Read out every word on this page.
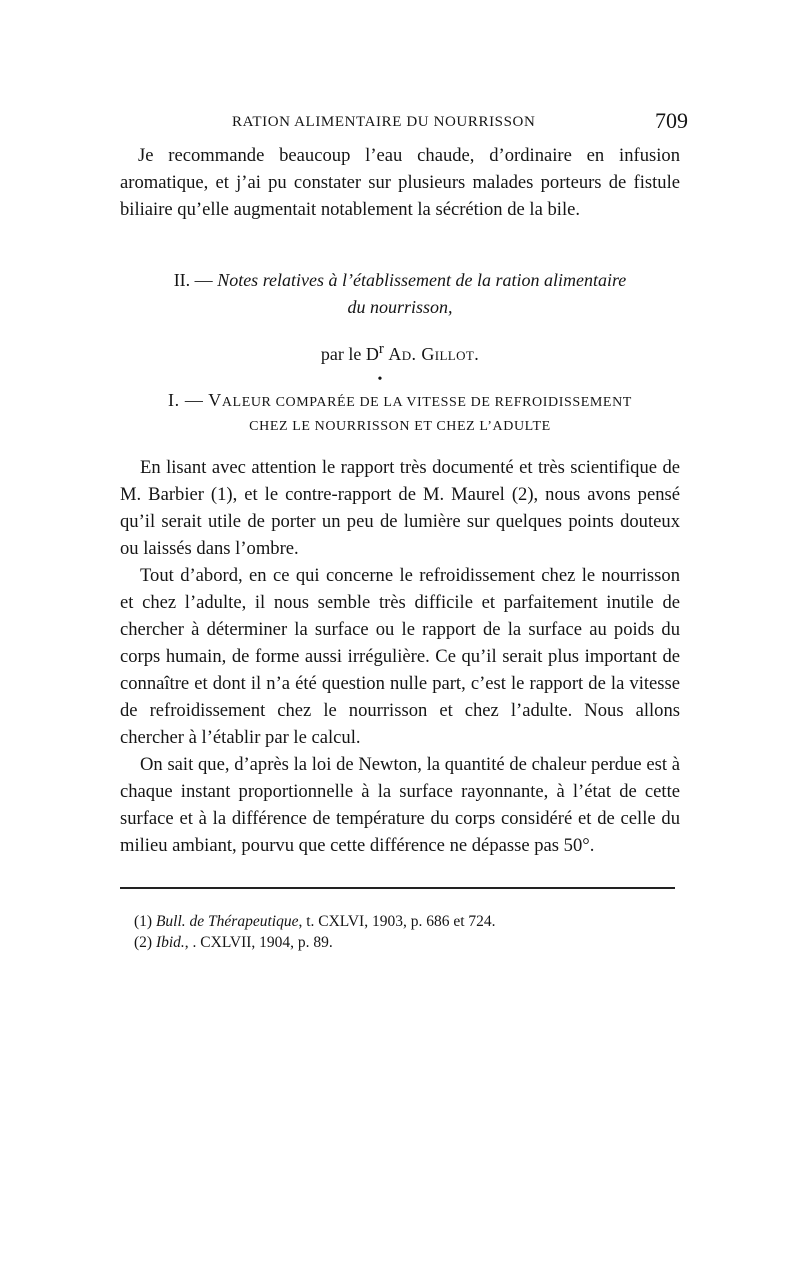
RATION ALIMENTAIRE DU NOURRISSON	709

Je recommande beaucoup l’eau chaude, d’ordinaire en infusion aromatique, et j’ai pu constater sur plusieurs malades porteurs de fistule biliaire qu’elle augmentait notablement la sécrétion de la bile.

II. — Notes relatives à l’établissement de la ration alimentaire
du nourrisson,
par le $D^r$ Ad. Gillot.
•
I. — VALEUR COMPARÉE DE LA VITESSE DE REFROIDISSEMENT
CHEZ LE NOURRISSON ET CHEZ L’ADULTE

En lisant avec attention le rapport très documenté et très scientifique de M. Barbier (1), et le contre-rapport de M. Maurel (2), nous avons pensé qu’il serait utile de porter un peu de lumière sur quelques points douteux ou laissés dans l’ombre.

Tout d’abord, en ce qui concerne le refroidissement chez le nourrisson et chez l’adulte, il nous semble très difficile et parfaitement inutile de chercher à déterminer la surface ou le rapport de la surface au poids du corps humain, de forme aussi irrégulière. Ce qu’il serait plus important de connaître et dont il n’a été question nulle part, c’est le rapport de la vitesse de refroidissement chez le nourrisson et chez l’adulte. Nous allons chercher à l’établir par le calcul.

On sait que, d’après la loi de Newton, la quantité de chaleur perdue est à chaque instant proportionnelle à la surface rayonnante, à l’état de cette surface et à la différence de température du corps considéré et de celle du milieu ambiant, pourvu que cette différence ne dépasse pas 50°.

(1) Bull. de Thérapeutique, t. CXLVI, 1903, p. 686 et 724.
(2) Ibid., . CXLVII, 1904, p. 89.
